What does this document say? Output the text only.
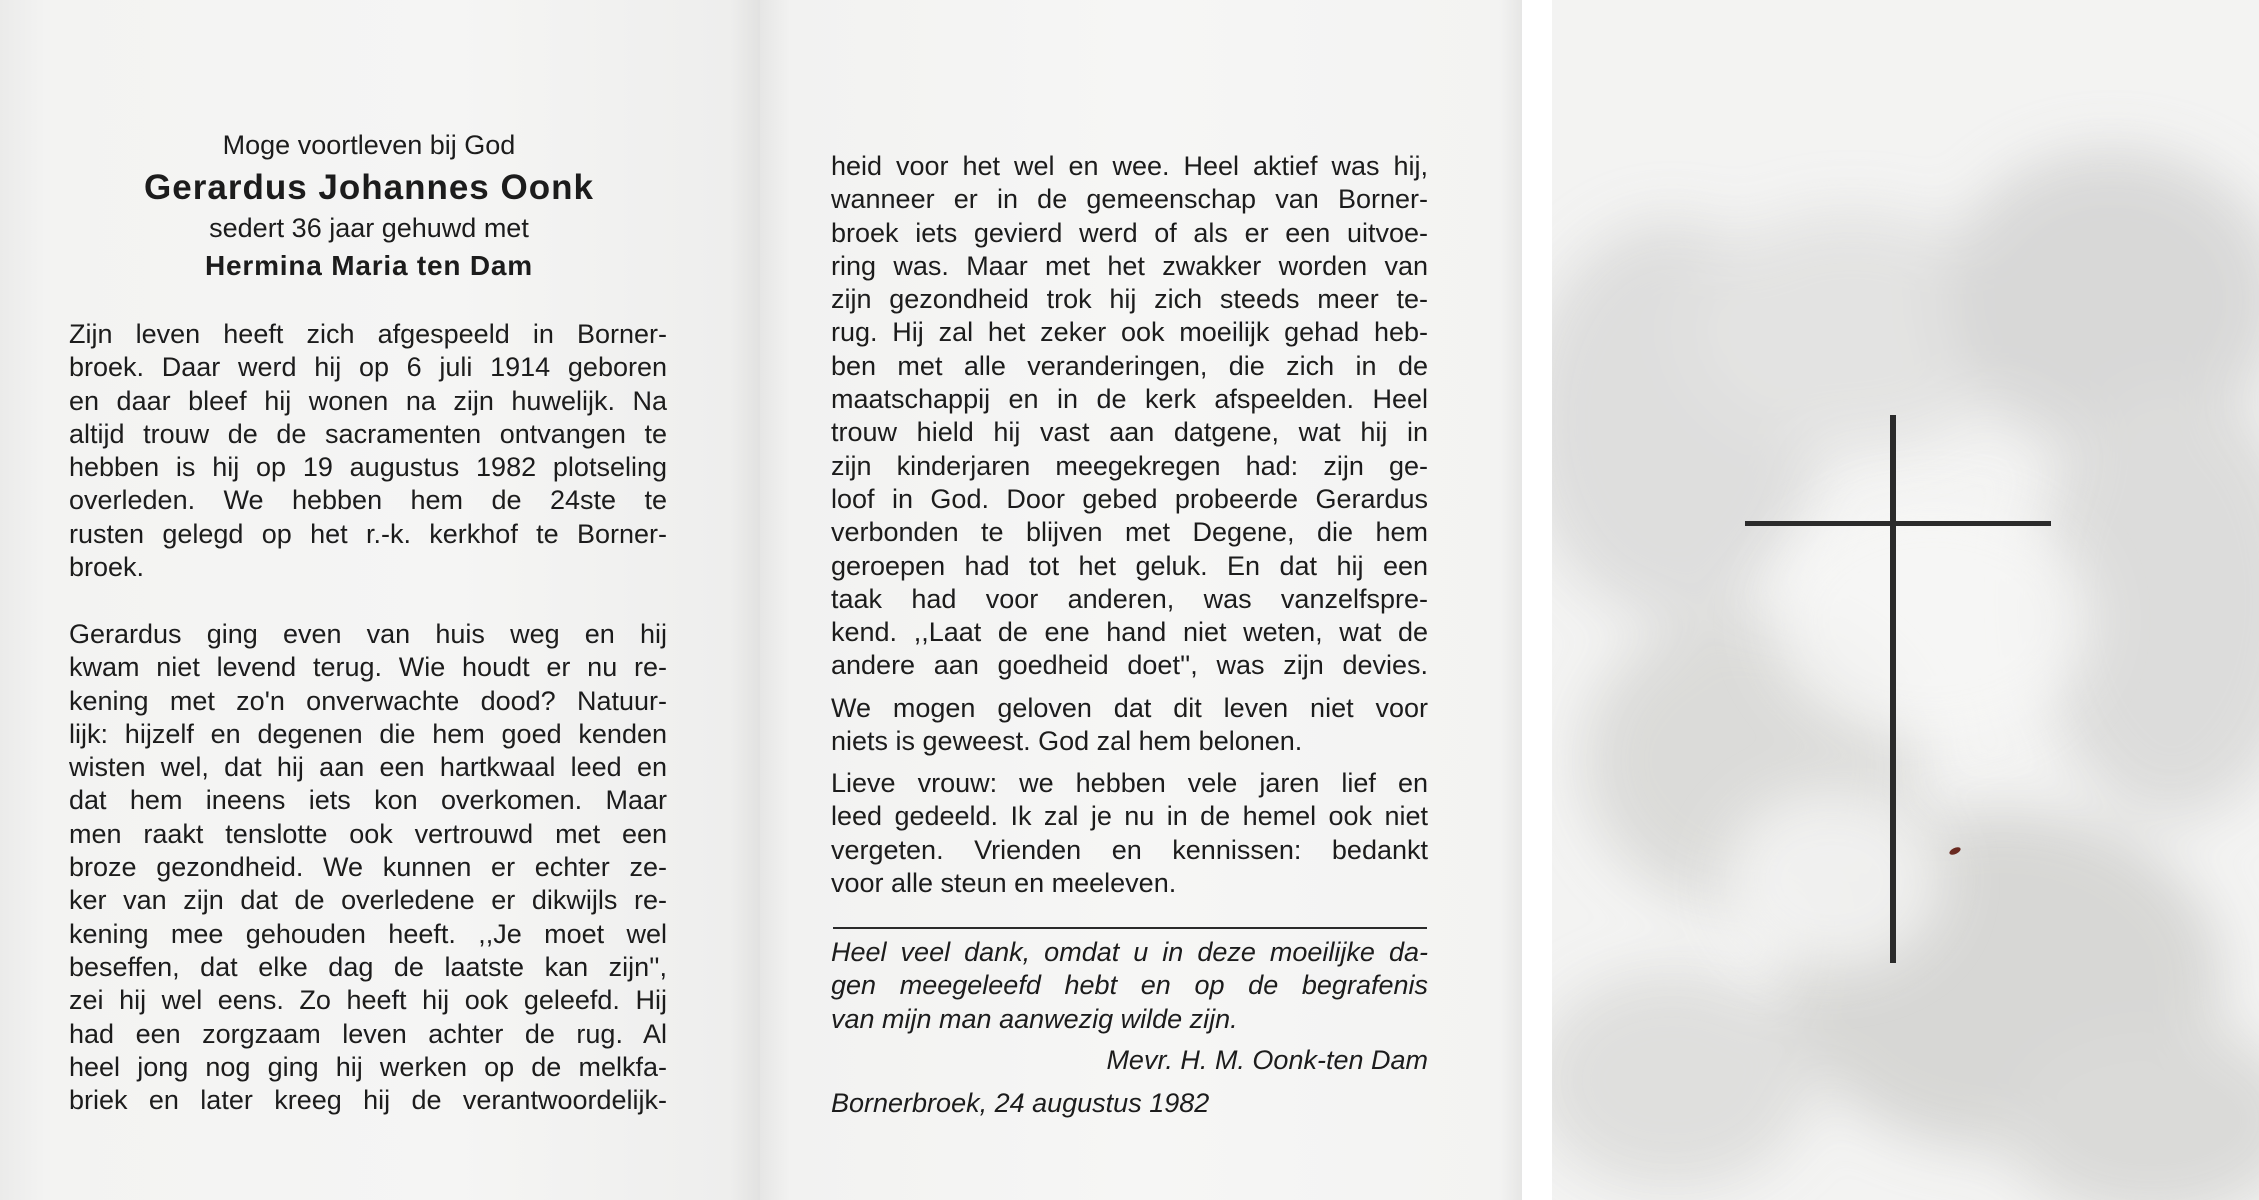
Moge voortleven bij God
Gerardus Johannes Oonk
sedert 36 jaar gehuwd met
Hermina Maria ten Dam
Zijn leven heeft zich afgespeeld in Borner-
broek. Daar werd hij op 6 juli 1914 geboren
en daar bleef hij wonen na zijn huwelijk. Na
altijd trouw de de sacramenten ontvangen te
hebben is hij op 19 augustus 1982 plotseling
overleden. We hebben hem de 24ste te
rusten gelegd op het r.-k. kerkhof te Borner-
broek.
Gerardus ging even van huis weg en hij
kwam niet levend terug. Wie houdt er nu re-
kening met zo'n onverwachte dood? Natuur-
lijk: hijzelf en degenen die hem goed kenden
wisten wel, dat hij aan een hartkwaal leed en
dat hem ineens iets kon overkomen. Maar
men raakt tenslotte ook vertrouwd met een
broze gezondheid. We kunnen er echter ze-
ker van zijn dat de overledene er dikwijls re-
kening mee gehouden heeft. ,,Je moet wel
beseffen, dat elke dag de laatste kan zijn'',
zei hij wel eens. Zo heeft hij ook geleefd. Hij
had een zorgzaam leven achter de rug. Al
heel jong nog ging hij werken op de melkfa-
briek en later kreeg hij de verantwoordelijk-
heid voor het wel en wee. Heel aktief was hij,
wanneer er in de gemeenschap van Borner-
broek iets gevierd werd of als er een uitvoe-
ring was. Maar met het zwakker worden van
zijn gezondheid trok hij zich steeds meer te-
rug. Hij zal het zeker ook moeilijk gehad heb-
ben met alle veranderingen, die zich in de
maatschappij en in de kerk afspeelden. Heel
trouw hield hij vast aan datgene, wat hij in
zijn kinderjaren meegekregen had: zijn ge-
loof in God. Door gebed probeerde Gerardus
verbonden te blijven met Degene, die hem
geroepen had tot het geluk. En dat hij een
taak had voor anderen, was vanzelfspre-
kend. ,,Laat de ene hand niet weten, wat de
andere aan goedheid doet'', was zijn devies.
We mogen geloven dat dit leven niet voor
niets is geweest. God zal hem belonen.
Lieve vrouw: we hebben vele jaren lief en
leed gedeeld. Ik zal je nu in de hemel ook niet
vergeten. Vrienden en kennissen: bedankt
voor alle steun en meeleven.
Heel veel dank, omdat u in deze moeilijke da-
gen meegeleefd hebt en op de begrafenis
van mijn man aanwezig wilde zijn.
Mevr. H. M. Oonk-ten Dam
Bornerbroek, 24 augustus 1982
